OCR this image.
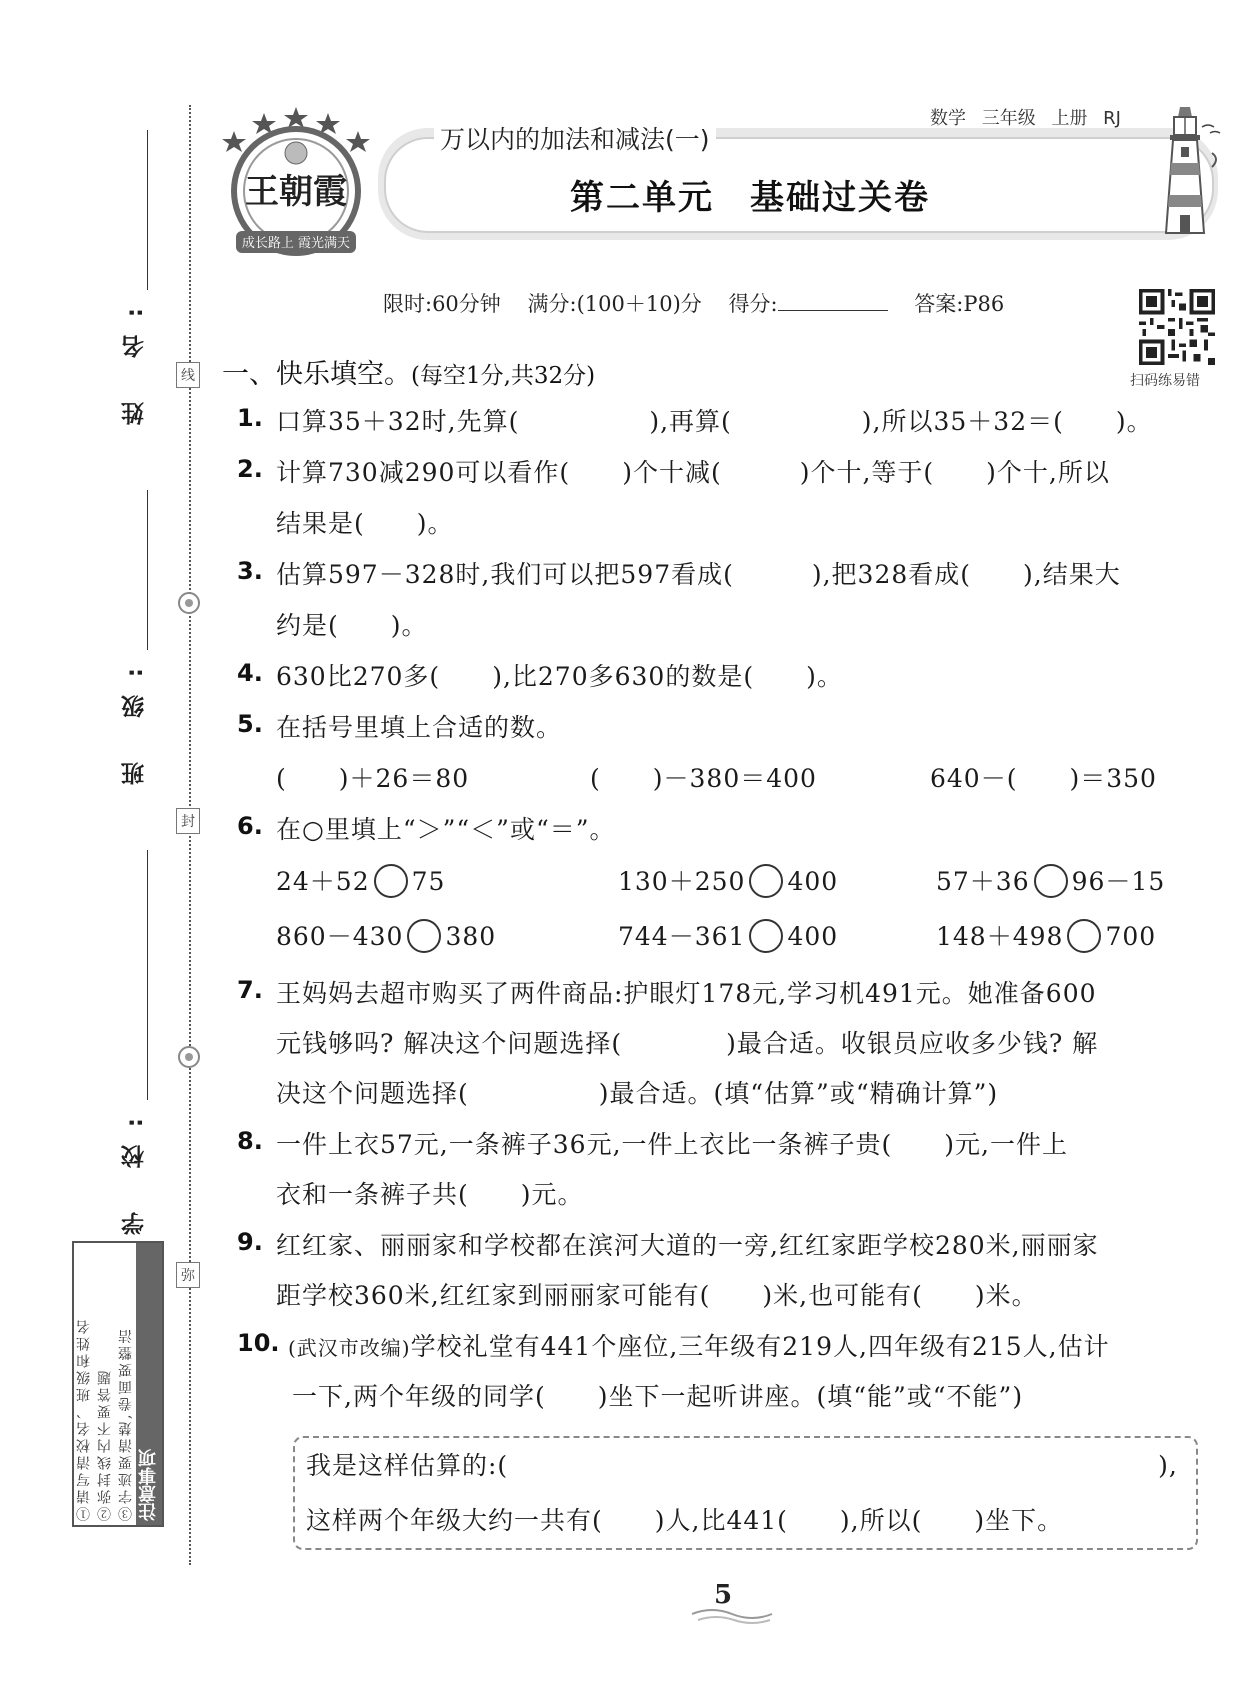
姓 名:
班 级:
学 校:
线
封
弥
注意事项
①请写清校名、班级和姓名 ②弥封线内不要答题 ③字迹要清楚,卷面要整洁
王朝霞
成长路上 霞光满天
万以内的加法和减法(一)
第二单元　基础过关卷
数学 三年级 上册 RJ
限时:60分钟 满分:(100＋10)分 得分:	答案:P86
扫码练易错
一、快乐填空。(每空1分,共32分)
1. 口算35＋32时,先算(　　　　　),再算(　　　　　),所以35＋32＝(　　)。
2. 计算730减290可以看作(　　)个十减(　　　)个十,等于(　　)个十,所以
结果是(　　)。
3. 估算597－328时,我们可以把597看成(　　　),把328看成(　　),结果大
约是(　　)。
4. 630比270多(　　),比270多630的数是(　　)。
5. 在括号里填上合适的数。
(　　)＋26＝80	(　　)－380＝400	640－(　　)＝350
6. 在○里填上“＞”“＜”或“＝”。
24＋52 75	130＋250 400	57＋36 96－15
860－430 380	744－361 400	148＋498 700
7. 王妈妈去超市购买了两件商品:护眼灯178元,学习机491元。她准备600
元钱够吗? 解决这个问题选择(　　　　)最合适。收银员应收多少钱? 解
决这个问题选择(　　　　　)最合适。(填“估算”或“精确计算”)
8. 一件上衣57元,一条裤子36元,一件上衣比一条裤子贵(　　)元,一件上
衣和一条裤子共(　　)元。
9. 红红家、丽丽家和学校都在滨河大道的一旁,红红家距学校280米,丽丽家
距学校360米,红红家到丽丽家可能有(　　)米,也可能有(　　)米。
10. (武汉市改编)学校礼堂有441个座位,三年级有219人,四年级有215人,估计
一下,两个年级的同学(　　)坐下一起听讲座。(填“能”或“不能”)
我是这样估算的:(　　　　　　　　　　　　　　　　　　　　　　　　　),
这样两个年级大约一共有(　　)人,比441(　　),所以(　　)坐下。
5
